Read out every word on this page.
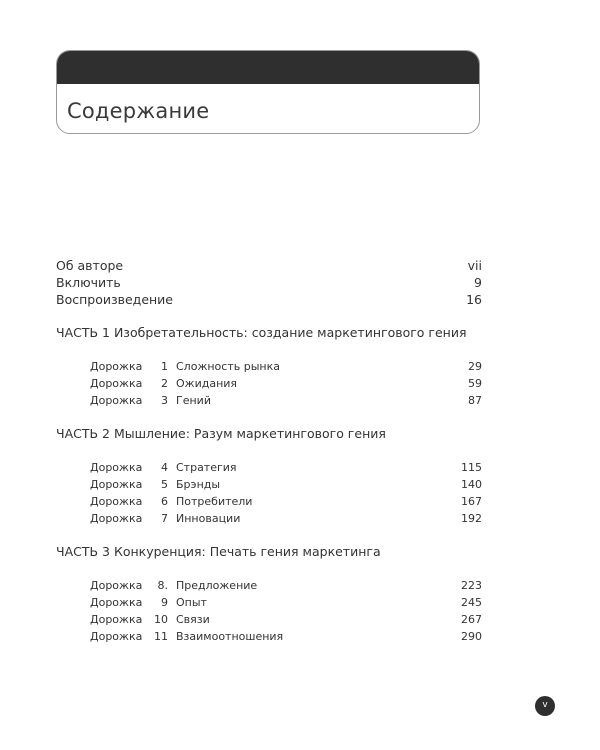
Содержание
Об авторе	vii
Включить	9
Воспроизведение	16
ЧАСТЬ 1 Изобретательность: создание маркетингового гения
Дорожка	1 Сложность рынка	29
Дорожка	2 Ожидания	59
Дорожка	3 Гений	87
ЧАСТЬ 2 Мышление: Разум маркетингового гения
Дорожка	4 Стратегия	115
Дорожка	5 Брэнды	140
Дорожка	6 Потребители	167
Дорожка	7 Инновации	192
ЧАСТЬ 3 Конкуренция: Печать гения маркетинга
Дорожка	8. Предложение	223
Дорожка	9 Опыт	245
Дорожка	10 Связи	267
Дорожка	11 Взаимоотношения	290
v
